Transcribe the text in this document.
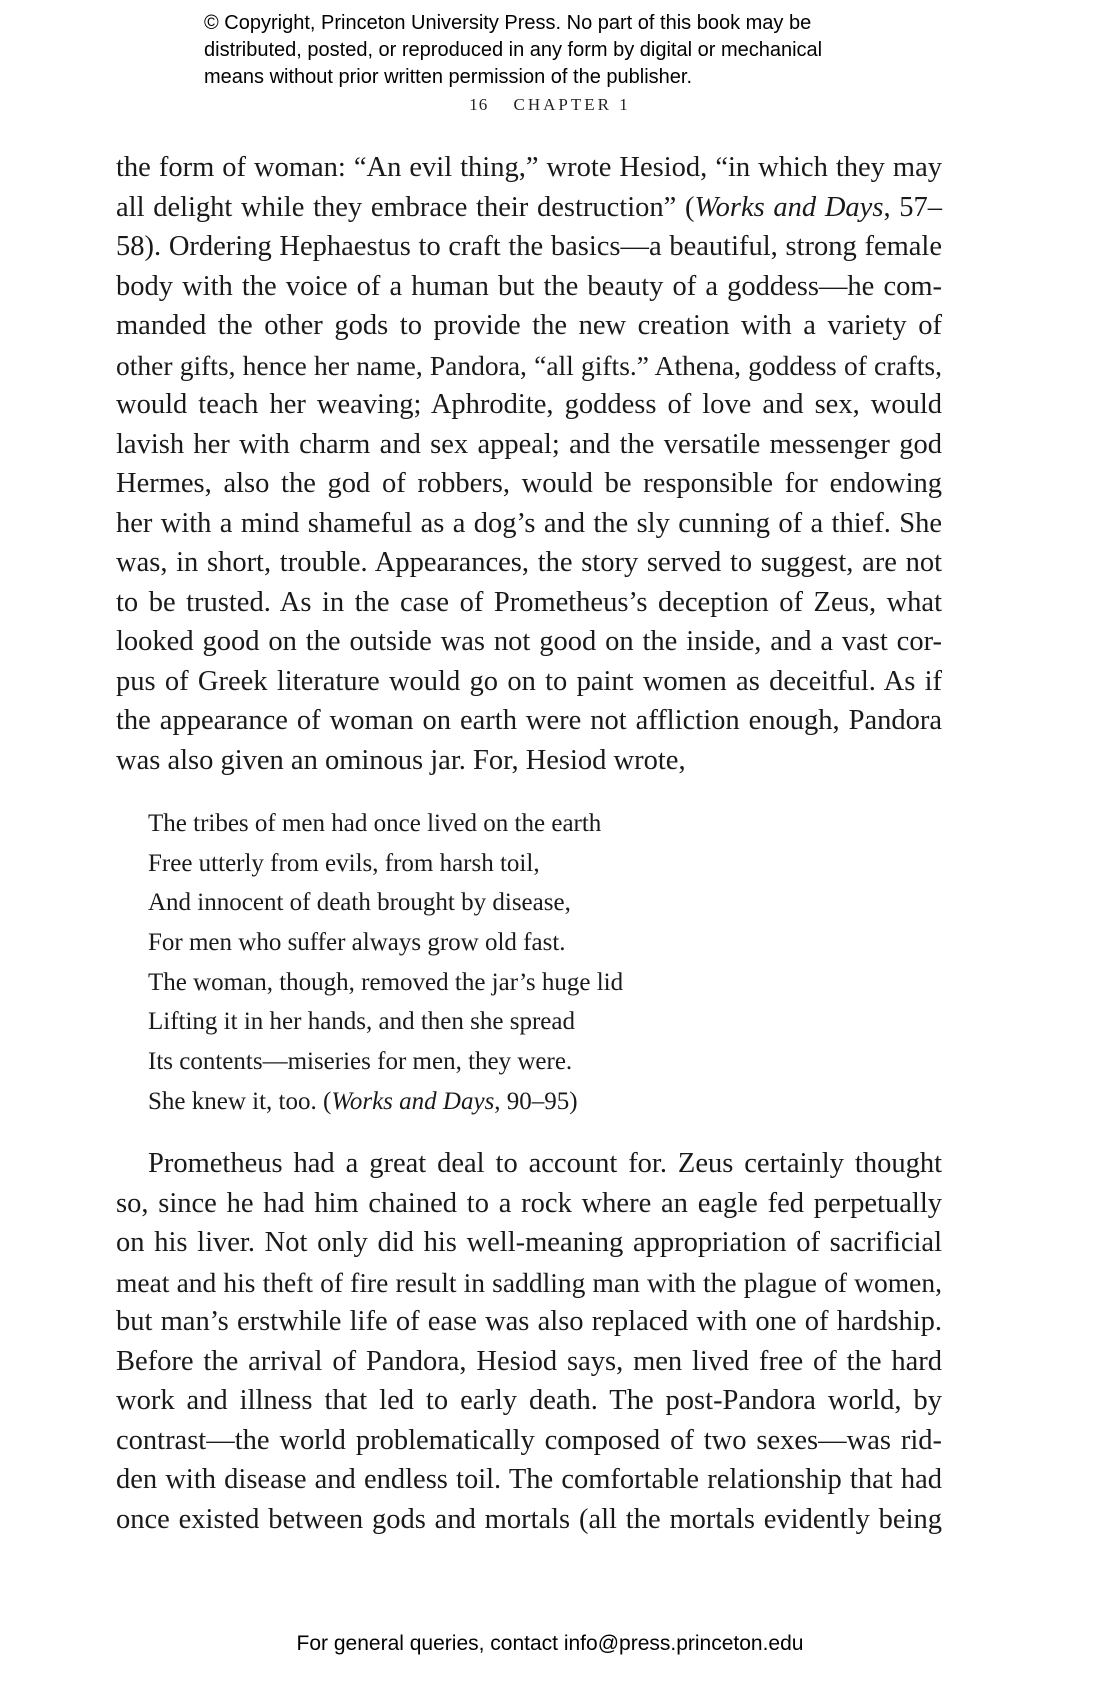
© Copyright, Princeton University Press. No part of this book may be
distributed, posted, or reproduced in any form by digital or mechanical
means without prior written permission of the publisher.
16 CHAPTER 1
the form of woman: “An evil thing,” wrote Hesiod, “in which they may
all delight while they embrace their destruction” (Works and Days, 57–
58). Ordering Hephaestus to craft the basics—a beautiful, strong female
body with the voice of a human but the beauty of a goddess—he com-
manded the other gods to provide the new creation with a variety of
other gifts, hence her name, Pandora, “all gifts.” Athena, goddess of crafts,
would teach her weaving; Aphrodite, goddess of love and sex, would
lavish her with charm and sex appeal; and the versatile messenger god
Hermes, also the god of robbers, would be responsible for endowing
her with a mind shameful as a dog’s and the sly cunning of a thief. She
was, in short, trouble. Appearances, the story served to suggest, are not
to be trusted. As in the case of Prometheus’s deception of Zeus, what
looked good on the outside was not good on the inside, and a vast cor-
pus of Greek literature would go on to paint women as deceitful. As if
the appearance of woman on earth were not affliction enough, Pandora
was also given an ominous jar. For, Hesiod wrote,
The tribes of men had once lived on the earth
Free utterly from evils, from harsh toil,
And innocent of death brought by disease,
For men who suffer always grow old fast.
The woman, though, removed the jar’s huge lid
Lifting it in her hands, and then she spread
Its contents—miseries for men, they were.
She knew it, too. (Works and Days, 90–95)
Prometheus had a great deal to account for. Zeus certainly thought
so, since he had him chained to a rock where an eagle fed perpetually
on his liver. Not only did his well-meaning appropriation of sacrificial
meat and his theft of fire result in saddling man with the plague of women,
but man’s erstwhile life of ease was also replaced with one of hardship.
Before the arrival of Pandora, Hesiod says, men lived free of the hard
work and illness that led to early death. The post-Pandora world, by
contrast—the world problematically composed of two sexes—was rid-
den with disease and endless toil. The comfortable relationship that had
once existed between gods and mortals (all the mortals evidently being
For general queries, contact info@press.princeton.edu
